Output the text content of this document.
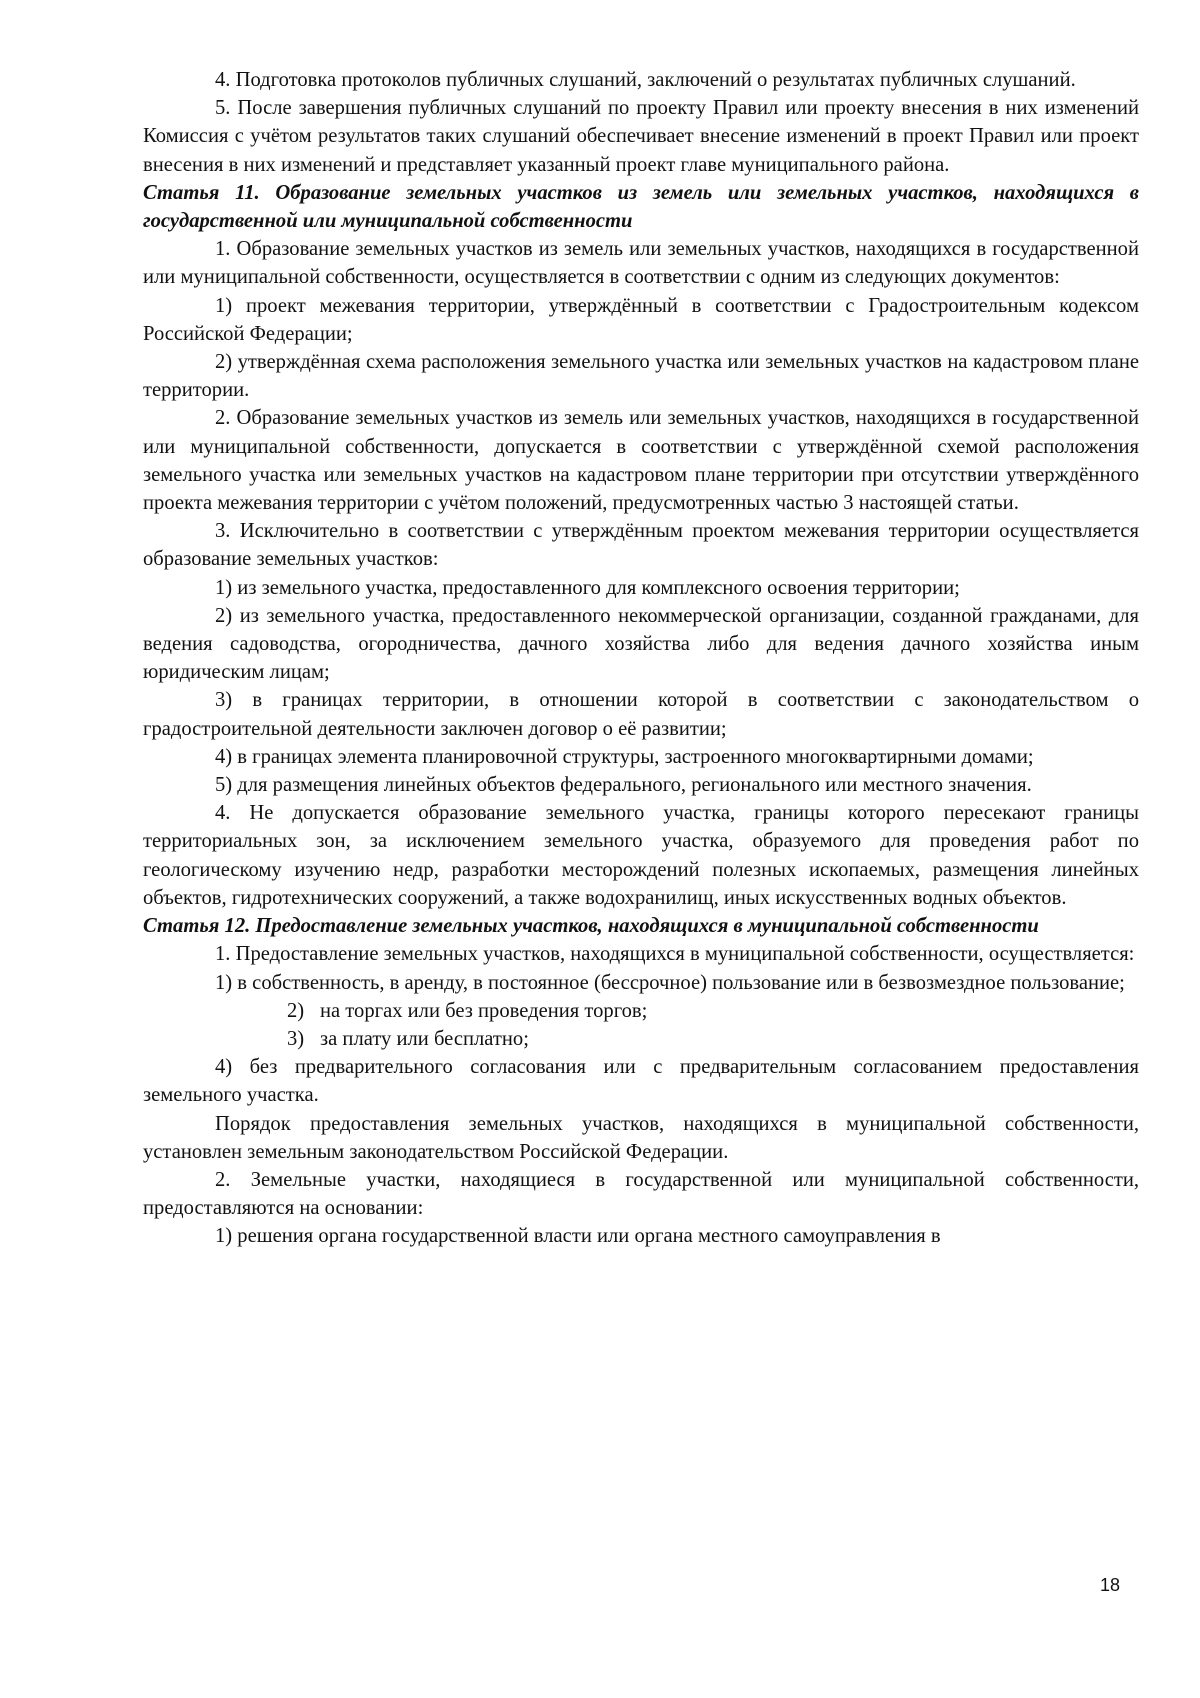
4. Подготовка протоколов публичных слушаний, заключений о результатах публичных слушаний.

5. После завершения публичных слушаний по проекту Правил или проекту внесения в них изменений Комиссия с учётом результатов таких слушаний обеспечивает внесение изменений в проект Правил или проект внесения в них изменений и представляет указанный проект главе муниципального района.

Статья 11. Образование земельных участков из земель или земельных участков, находящихся в государственной или муниципальной собственности

1. Образование земельных участков из земель или земельных участков, находящихся в государственной или муниципальной собственности, осуществляется в соответствии с одним из следующих документов:

1) проект межевания территории, утверждённый в соответствии с Градостроительным кодексом Российской Федерации;

2) утверждённая схема расположения земельного участка или земельных участков на кадастровом плане территории.

2. Образование земельных участков из земель или земельных участков, находящихся в государственной или муниципальной собственности, допускается в соответствии с утверждённой схемой расположения земельного участка или земельных участков на кадастровом плане территории при отсутствии утверждённого проекта межевания территории с учётом положений, предусмотренных частью 3 настоящей статьи.

3. Исключительно в соответствии с утверждённым проектом межевания территории осуществляется образование земельных участков:

1) из земельного участка, предоставленного для комплексного освоения территории;

2) из земельного участка, предоставленного некоммерческой организации, созданной гражданами, для ведения садоводства, огородничества, дачного хозяйства либо для ведения дачного хозяйства иным юридическим лицам;

3) в границах территории, в отношении которой в соответствии с законодательством о градостроительной деятельности заключен договор о её развитии;

4) в границах элемента планировочной структуры, застроенного многоквартирными домами;

5) для размещения линейных объектов федерального, регионального или местного значения.

4. Не допускается образование земельного участка, границы которого пересекают границы территориальных зон, за исключением земельного участка, образуемого для проведения работ по геологическому изучению недр, разработки месторождений полезных ископаемых, размещения линейных объектов, гидротехнических сооружений, а также водохранилищ, иных искусственных водных объектов.

Статья 12. Предоставление земельных участков, находящихся в муниципальной собственности

1. Предоставление земельных участков, находящихся в муниципальной собственности, осуществляется:

1) в собственность, в аренду, в постоянное (бессрочное) пользование или в безвозмездное пользование;

2) на торгах или без проведения торгов;

3) за плату или бесплатно;

4) без предварительного согласования или с предварительным согласованием предоставления земельного участка.

Порядок предоставления земельных участков, находящихся в муниципальной собственности, установлен земельным законодательством Российской Федерации.

2. Земельные участки, находящиеся в государственной или муниципальной собственности, предоставляются на основании:

1) решения органа государственной власти или органа местного самоуправления в

18
